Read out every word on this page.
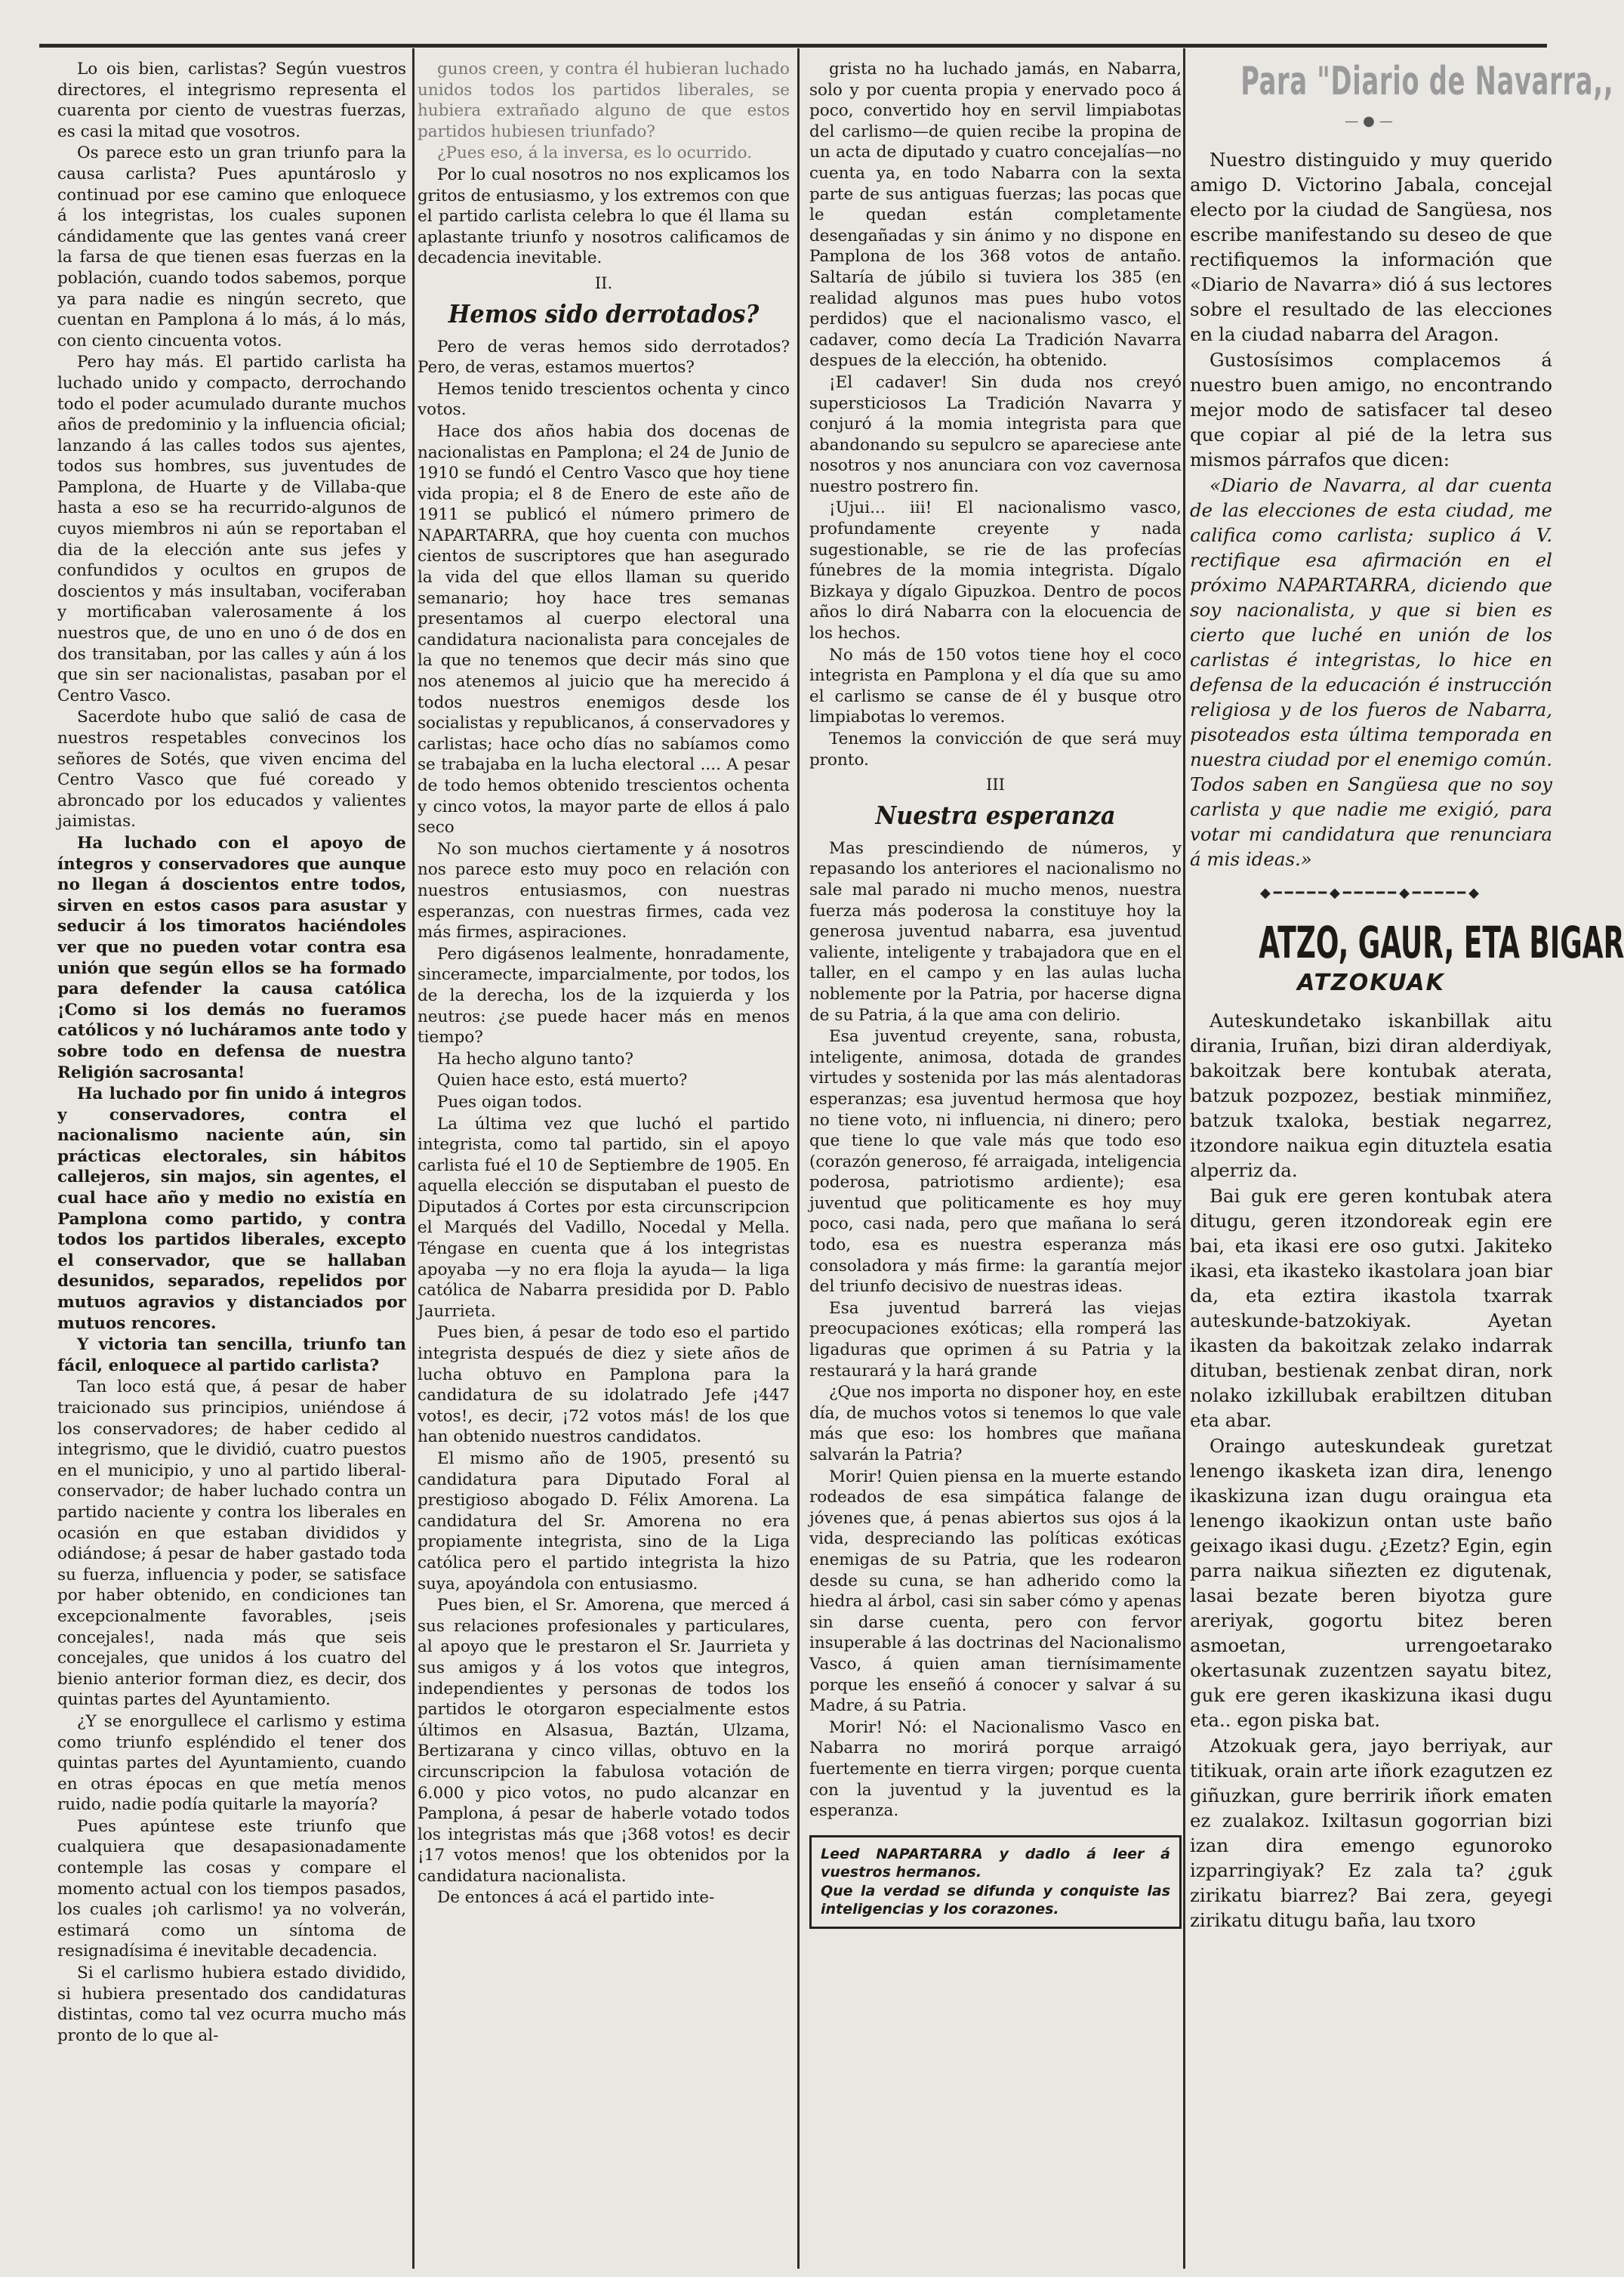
Lo ois bien, carlistas? Según vuestros directores, el integrismo representa el cuarenta por ciento de vuestras fuerzas, es casi la mitad que vosotros.

Os parece esto un gran triunfo para la causa carlista? Pues apuntároslo y continuad por ese camino que enloquece á los integristas, los cuales suponen cándidamente que las gentes vaná creer la farsa de que tienen esas fuerzas en la población, cuando todos sabemos, porque ya para nadie es ningún secreto, que cuentan en Pamplona á lo más, á lo más, con ciento cincuenta votos.

Pero hay más. El partido carlista ha luchado unido y compacto, derrochando todo el poder acumulado durante muchos años de predominio y la influencia oficial; lanzando á las calles todos sus ajentes, todos sus hombres, sus juventudes de Pamplona, de Huarte y de Villaba-que hasta a eso se ha recurrido-algunos de cuyos miembros ni aún se reportaban el dia de la elección ante sus jefes y confundidos y ocultos en grupos de doscientos y más insultaban, vociferaban y mortificaban valerosamente á los nuestros que, de uno en uno ó de dos en dos transitaban, por las calles y aún á los que sin ser nacionalistas, pasaban por el Centro Vasco.

Sacerdote hubo que salió de casa de nuestros respetables convecinos los señores de Sotés, que viven encima del Centro Vasco que fué coreado y abroncado por los educados y valientes jaimistas.

Ha luchado con el apoyo de íntegros y conservadores que aunque no llegan á doscientos entre todos, sirven en estos casos para asustar y seducir á los timoratos haciéndoles ver que no pueden votar contra esa unión que según ellos se ha formado para defender la causa católica ¡Como si los demás no fueramos católicos y nó lucháramos ante todo y sobre todo en defensa de nuestra Religión sacrosanta!

Ha luchado por fin unido á integros y conservadores, contra el nacionalismo naciente aún, sin prácticas electorales, sin hábitos callejeros, sin majos, sin agentes, el cual hace año y medio no existía en Pamplona como partido, y contra todos los partidos liberales, excepto el conservador, que se hallaban desunidos, separados, repelidos por mutuos agravios y distanciados por mutuos rencores.

Y victoria tan sencilla, triunfo tan fácil, enloquece al partido carlista?

Tan loco está que, á pesar de haber traicionado sus principios, uniéndose á los conservadores; de haber cedido al integrismo, que le dividió, cuatro puestos en el municipio, y uno al partido liberal-conservador; de haber luchado contra un partido naciente y contra los liberales en ocasión en que estaban divididos y odiándose; á pesar de haber gastado toda su fuerza, influencia y poder, se satisface por haber obtenido, en condiciones tan excepcionalmente favorables, ¡seis concejales!, nada más que seis concejales, que unidos á los cuatro del bienio anterior forman diez, es decir, dos quintas partes del Ayuntamiento.

¿Y se enorgullece el carlismo y estima como triunfo espléndido el tener dos quintas partes del Ayuntamiento, cuando en otras épocas en que metía menos ruido, nadie podía quitarle la mayoría?

Pues apúntese este triunfo que cualquiera que desapasionadamente contemple las cosas y compare el momento actual con los tiempos pasados, los cuales ¡oh carlismo! ya no volverán, estimará como un síntoma de resignadísima é inevitable decadencia.

Si el carlismo hubiera estado dividido, si hubiera presentado dos candidaturas distintas, como tal vez ocurra mucho más pronto de lo que al-

gunos creen, y contra él hubieran luchado unidos todos los partidos liberales, se hubiera extrañado alguno de que estos partidos hubiesen triunfado?

¿Pues eso, á la inversa, es lo ocurrido.

Por lo cual nosotros no nos explicamos los gritos de entusiasmo, y los extremos con que el partido carlista celebra lo que él llama su aplastante triunfo y nosotros calificamos de decadencia inevitable.

II.
Hemos sido derrotados?

Pero de veras hemos sido derrotados? Pero, de veras, estamos muertos?

Hemos tenido trescientos ochenta y cinco votos.

Hace dos años habia dos docenas de nacionalistas en Pamplona; el 24 de Junio de 1910 se fundó el Centro Vasco que hoy tiene vida propia; el 8 de Enero de este año de 1911 se publicó el número primero de NAPARTARRA, que hoy cuenta con muchos cientos de suscriptores que han asegurado la vida del que ellos llaman su querido semanario; hoy hace tres semanas presentamos al cuerpo electoral una candidatura nacionalista para concejales de la que no tenemos que decir más sino que nos atenemos al juicio que ha merecido á todos nuestros enemigos desde los socialistas y republicanos, á conservadores y carlistas; hace ocho días no sabíamos como se trabajaba en la lucha electoral .... A pesar de todo hemos obtenido trescientos ochenta y cinco votos, la mayor parte de ellos á palo seco

No son muchos ciertamente y á nosotros nos parece esto muy poco en relación con nuestros entusiasmos, con nuestras esperanzas, con nuestras firmes, cada vez más firmes, aspiraciones.

Pero digásenos lealmente, honradamente, sinceramecte, imparcialmente, por todos, los de la derecha, los de la izquierda y los neutros: ¿se puede hacer más en menos tiempo?

Ha hecho alguno tanto?

Quien hace esto, está muerto?

Pues oigan todos.

La última vez que luchó el partido integrista, como tal partido, sin el apoyo carlista fué el 10 de Septiembre de 1905. En aquella elección se disputaban el puesto de Diputados á Cortes por esta circunscripcion el Marqués del Vadillo, Nocedal y Mella. Téngase en cuenta que á los integristas apoyaba —y no era floja la ayuda— la liga católica de Nabarra presidida por D. Pablo Jaurrieta.

Pues bien, á pesar de todo eso el partido integrista después de diez y siete años de lucha obtuvo en Pamplona para la candidatura de su idolatrado Jefe ¡447 votos!, es decir, ¡72 votos más! de los que han obtenido nuestros candidatos.

El mismo año de 1905, presentó su candidatura para Diputado Foral al prestigioso abogado D. Félix Amorena. La candidatura del Sr. Amorena no era propiamente integrista, sino de la Liga católica pero el partido integrista la hizo suya, apoyándola con entusiasmo.

Pues bien, el Sr. Amorena, que merced á sus relaciones profesionales y particulares, al apoyo que le prestaron el Sr. Jaurrieta y sus amigos y á los votos que integros, independientes y personas de todos los partidos le otorgaron especialmente estos últimos en Alsasua, Baztán, Ulzama, Bertizarana y cinco villas, obtuvo en la circunscripcion la fabulosa votación de 6.000 y pico votos, no pudo alcanzar en Pamplona, á pesar de haberle votado todos los integristas más que ¡368 votos! es decir ¡17 votos menos! que los obtenidos por la candidatura nacionalista.

De entonces á acá el partido inte-

grista no ha luchado jamás, en Nabarra, solo y por cuenta propia y enervado poco á poco, convertido hoy en servil limpiabotas del carlismo—de quien recibe la propina de un acta de diputado y cuatro concejalías—no cuenta ya, en todo Nabarra con la sexta parte de sus antiguas fuerzas; las pocas que le quedan están completamente desengañadas y sin ánimo y no dispone en Pamplona de los 368 votos de antaño. Saltaría de júbilo si tuviera los 385 (en realidad algunos mas pues hubo votos perdidos) que el nacionalismo vasco, el cadaver, como decía La Tradición Navarra despues de la elección, ha obtenido.

¡El cadaver! Sin duda nos creyó supersticiosos La Tradición Navarra y conjuró á la momia integrista para que abandonando su sepulcro se apareciese ante nosotros y nos anunciara con voz cavernosa nuestro postrero fin.

¡Ujui... iii! El nacionalismo vasco, profundamente creyente y nada sugestionable, se rie de las profecías fúnebres de la momia integrista. Dígalo Bizkaya y dígalo Gipuzkoa. Dentro de pocos años lo dirá Nabarra con la elocuencia de los hechos.

No más de 150 votos tiene hoy el coco integrista en Pamplona y el día que su amo el carlismo se canse de él y busque otro limpiabotas lo veremos.

Tenemos la convicción de que será muy pronto.

III
Nuestra esperanza

Mas prescindiendo de números, y repasando los anteriores el nacionalismo no sale mal parado ni mucho menos, nuestra fuerza más poderosa la constituye hoy la generosa juventud nabarra, esa juventud valiente, inteligente y trabajadora que en el taller, en el campo y en las aulas lucha noblemente por la Patria, por hacerse digna de su Patria, á la que ama con delirio.

Esa juventud creyente, sana, robusta, inteligente, animosa, dotada de grandes virtudes y sostenida por las más alentadoras esperanzas; esa juventud hermosa que hoy no tiene voto, ni influencia, ni dinero; pero que tiene lo que vale más que todo eso (corazón generoso, fé arraigada, inteligencia poderosa, patriotismo ardiente); esa juventud que politicamente es hoy muy poco, casi nada, pero que mañana lo será todo, esa es nuestra esperanza más consoladora y más firme: la garantía mejor del triunfo decisivo de nuestras ideas.

Esa juventud barrerá las viejas preocupaciones exóticas; ella romperá las ligaduras que oprimen á su Patria y la restaurará y la hará grande

¿Que nos importa no disponer hoy, en este día, de muchos votos si tenemos lo que vale más que eso: los hombres que mañana salvarán la Patria?

Morir! Quien piensa en la muerte estando rodeados de esa simpática falange de jóvenes que, á penas abiertos sus ojos á la vida, despreciando las políticas exóticas enemigas de su Patria, que les rodearon desde su cuna, se han adherido como la hiedra al árbol, casi sin saber cómo y apenas sin darse cuenta, pero con fervor insuperable á las doctrinas del Nacionalismo Vasco, á quien aman tiernísimamente porque les enseñó á conocer y salvar á su Madre, á su Patria.

Morir! Nó: el Nacionalismo Vasco en Nabarra no morirá porque arraigó fuertemente en tierra virgen; porque cuenta con la juventud y la juventud es la esperanza.

Leed NAPARTARRA y dadlo á leer á vuestros hermanos.

Que la verdad se difunda y conquiste las inteligencias y los corazones.

Para "Diario de Navarra,,
—●—

Nuestro distinguido y muy querido amigo D. Victorino Jabala, concejal electo por la ciudad de Sangüesa, nos escribe manifestando su deseo de que rectifiquemos la información que «Diario de Navarra» dió á sus lectores sobre el resultado de las elecciones en la ciudad nabarra del Aragon.

Gustosísimos complacemos á nuestro buen amigo, no encontrando mejor modo de satisfacer tal deseo que copiar al pié de la letra sus mismos párrafos que dicen:

«Diario de Navarra, al dar cuenta de las elecciones de esta ciudad, me califica como carlista; suplico á V. rectifique esa afirmación en el próximo NAPARTARRA, diciendo que soy nacionalista, y que si bien es cierto que luché en unión de los carlistas é integristas, lo hice en defensa de la educación é instrucción religiosa y de los fueros de Nabarra, pisoteados esta última temporada en nuestra ciudad por el enemigo común. Todos saben en Sangüesa que no soy carlista y que nadie me exigió, para votar mi candidatura que renunciara á mis ideas.»

◆━━━━━◆━━━━━◆━━━━━◆
ATZO, GAUR, ETA BIGAR
ATZOKUAK

Auteskundetako iskanbillak aitu dirania, Iruñan, bizi diran alderdiyak, bakoitzak bere kontubak aterata, batzuk pozpozez, bestiak minmiñez, batzuk txaloka, bestiak negarrez, itzondore naikua egin dituztela esatia alperriz da.

Bai guk ere geren kontubak atera ditugu, geren itzondoreak egin ere bai, eta ikasi ere oso gutxi. Jakiteko ikasi, eta ikasteko ikastolara joan biar da, eta eztira ikastola txarrak auteskunde-batzokiyak. Ayetan ikasten da bakoitzak zelako indarrak dituban, bestienak zenbat diran, nork nolako izkillubak erabiltzen dituban eta abar.

Oraingo auteskundeak guretzat lenengo ikasketa izan dira, lenengo ikaskizuna izan dugu oraingua eta lenengo ikaokizun ontan uste baño geixago ikasi dugu. ¿Ezetz? Egin, egin parra naikua siñezten ez digutenak, lasai bezate beren biyotza gure areriyak, gogortu bitez beren asmoetan, urrengoetarako okertasunak zuzentzen sayatu bitez, guk ere geren ikaskizuna ikasi dugu eta.. egon piska bat.

Atzokuak gera, jayo berriyak, aur titikuak, orain arte iñork ezagutzen ez giñuzkan, gure berririk iñork ematen ez zualakoz. Ixiltasun gogorrian bizi izan dira emengo egunoroko izparringiyak? Ez zala ta? ¿guk zirikatu biarrez? Bai zera, geyegi zirikatu ditugu baña, lau txoro
